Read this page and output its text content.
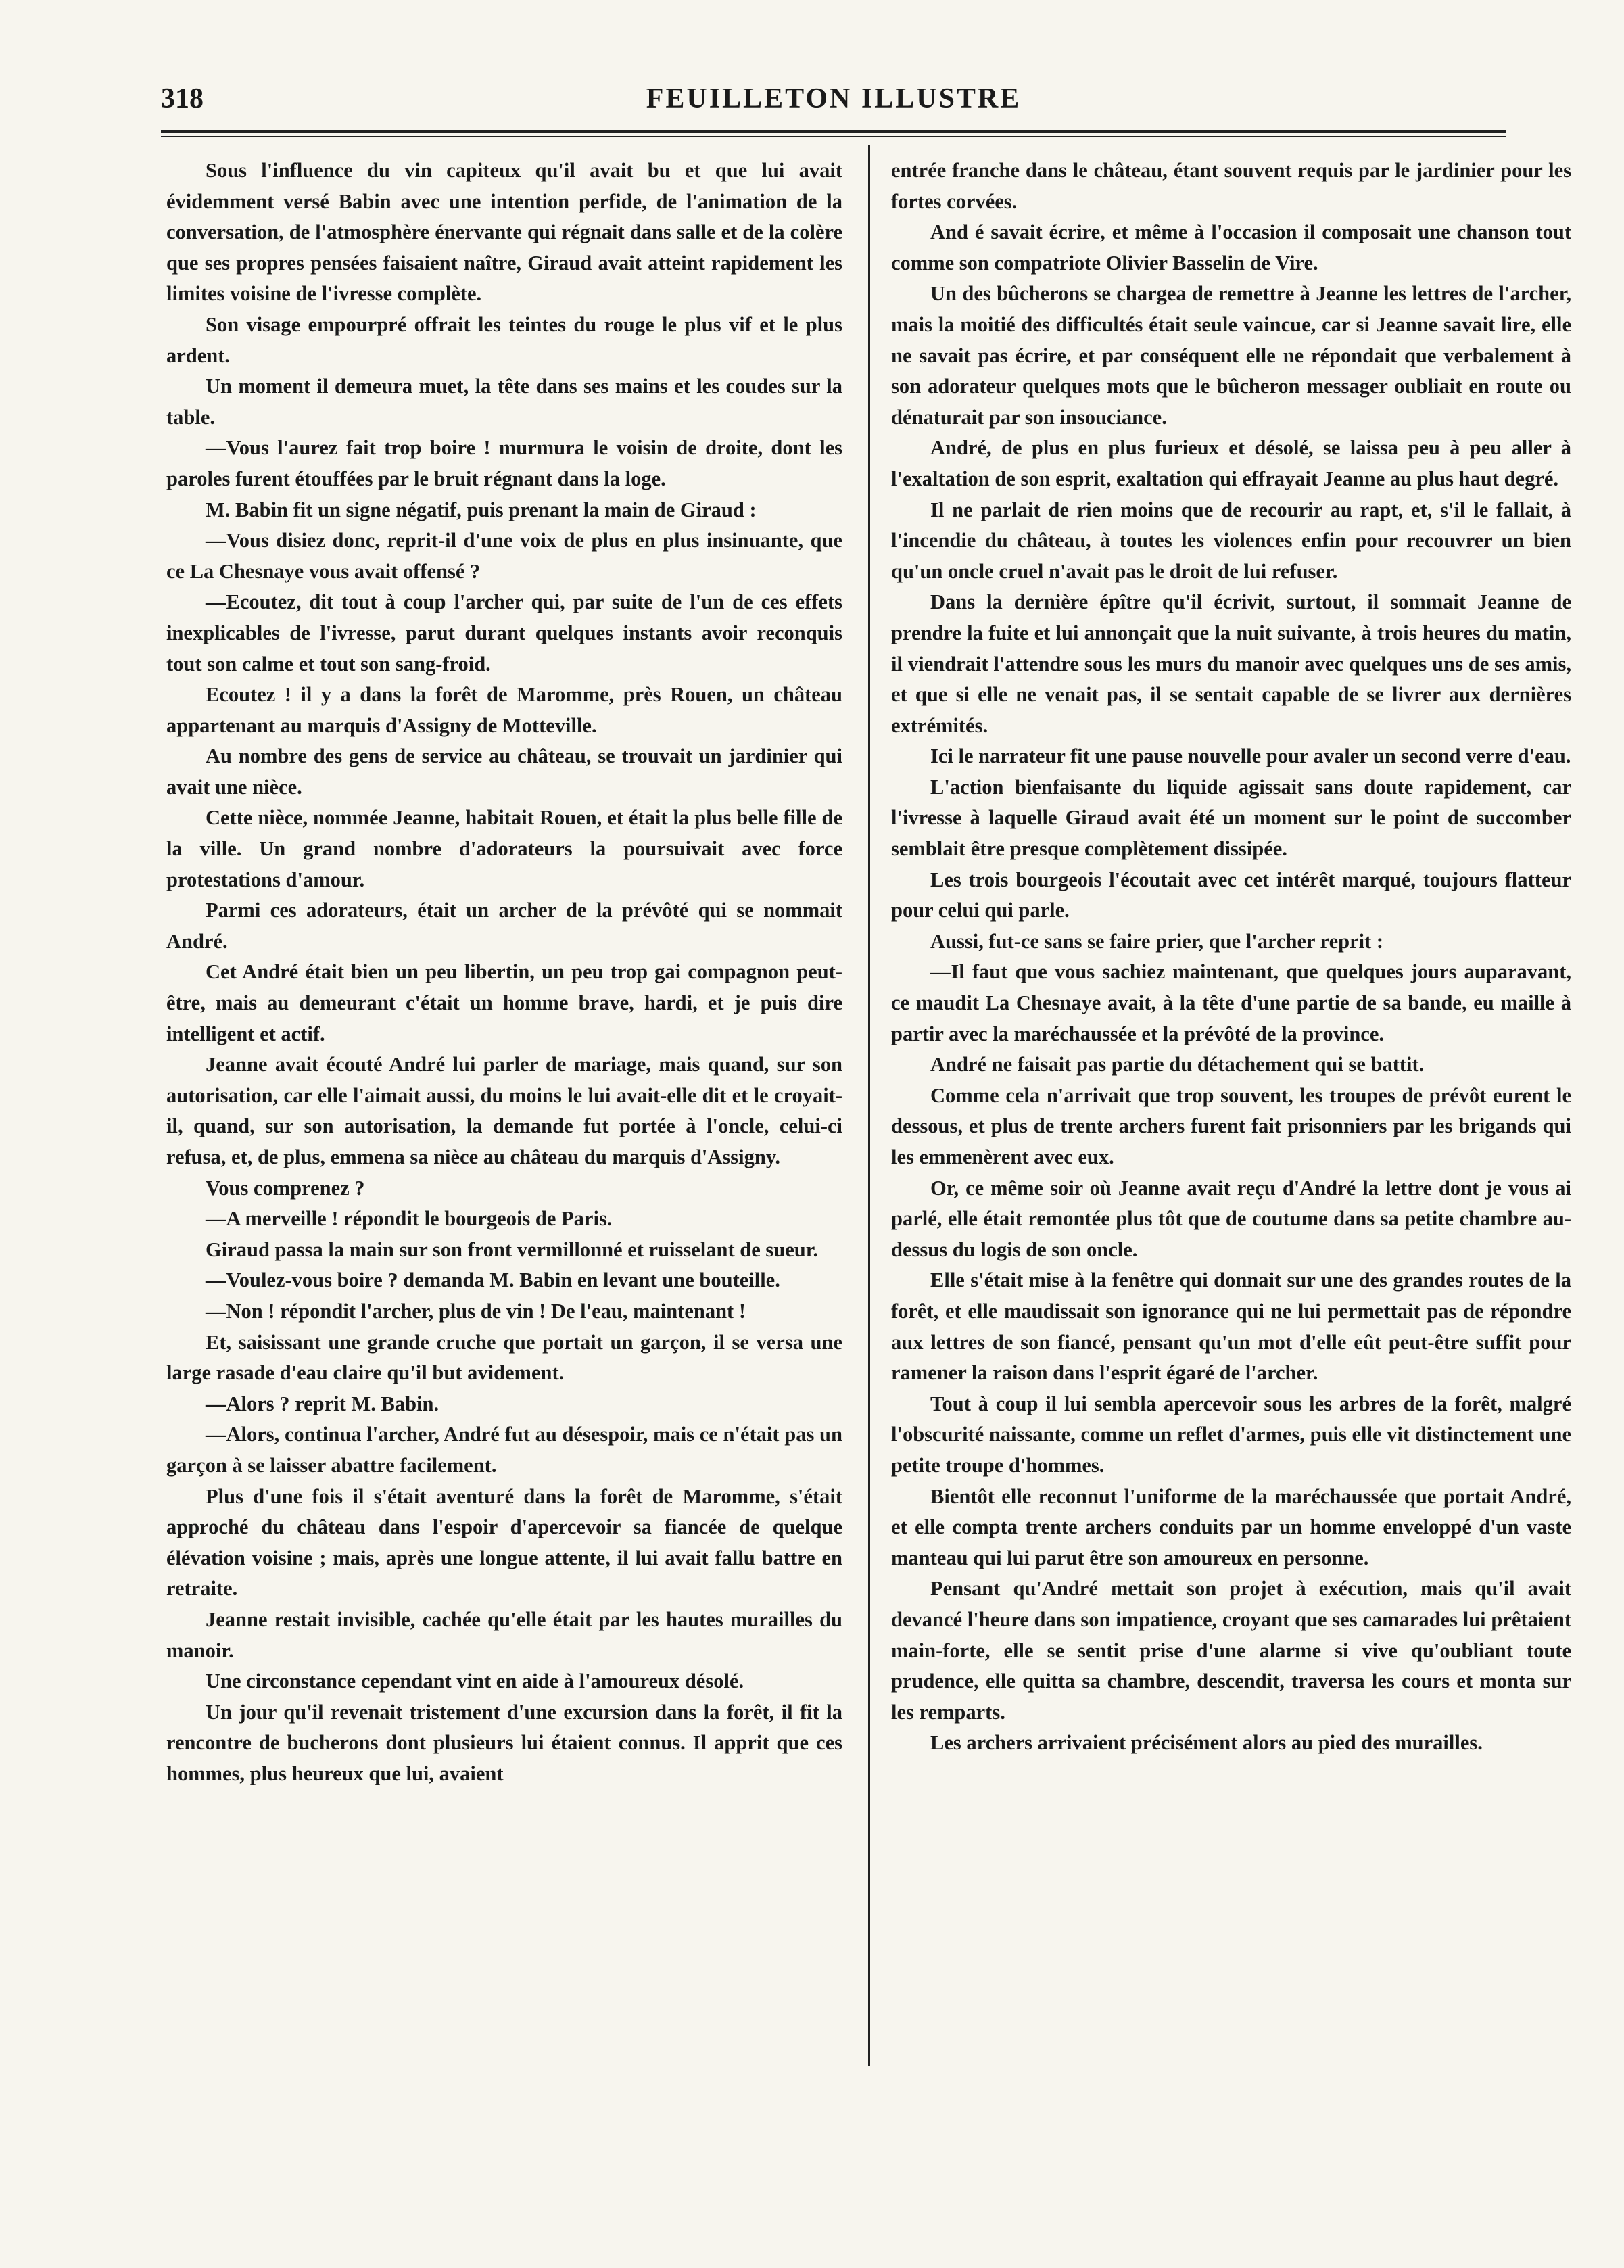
318	FEUILLETON ILLUSTRE

Sous l'influence du vin capiteux qu'il avait bu et que lui avait évidemment versé Babin avec une intention perfide, de l'animation de la conversation, de l'atmosphère énervante qui régnait dans salle et de la colère que ses propres pensées faisaient naître, Giraud avait atteint rapidement les limites voisine de l'ivresse complète.

Son visage empourpré offrait les teintes du rouge le plus vif et le plus ardent.

Un moment il demeura muet, la tête dans ses mains et les coudes sur la table.

—Vous l'aurez fait trop boire ! murmura le voisin de droite, dont les paroles furent étouffées par le bruit régnant dans la loge.

M. Babin fit un signe négatif, puis prenant la main de Giraud :

—Vous disiez donc, reprit-il d'une voix de plus en plus insinuante, que ce La Chesnaye vous avait offensé ?

—Ecoutez, dit tout à coup l'archer qui, par suite de l'un de ces effets inexplicables de l'ivresse, parut durant quelques instants avoir reconquis tout son calme et tout son sang-froid.

Ecoutez ! il y a dans la forêt de Maromme, près Rouen, un château appartenant au marquis d'Assigny de Motteville.

Au nombre des gens de service au château, se trouvait un jardinier qui avait une nièce.

Cette nièce, nommée Jeanne, habitait Rouen, et était la plus belle fille de la ville. Un grand nombre d'adorateurs la poursuivait avec force protestations d'amour.

Parmi ces adorateurs, était un archer de la prévôté qui se nommait André.

Cet André était bien un peu libertin, un peu trop gai compagnon peut-être, mais au demeurant c'était un homme brave, hardi, et je puis dire intelligent et actif.

Jeanne avait écouté André lui parler de mariage, mais quand, sur son autorisation, car elle l'aimait aussi, du moins le lui avait-elle dit et le croyait-il, quand, sur son autorisation, la demande fut portée à l'oncle, celui-ci refusa, et, de plus, emmena sa nièce au château du marquis d'Assigny.

Vous comprenez ?

—A merveille ! répondit le bourgeois de Paris.

Giraud passa la main sur son front vermillonné et ruisselant de sueur.

—Voulez-vous boire ? demanda M. Babin en levant une bouteille.

—Non ! répondit l'archer, plus de vin ! De l'eau, maintenant !

Et, saisissant une grande cruche que portait un garçon, il se versa une large rasade d'eau claire qu'il but avidement.

—Alors ? reprit M. Babin.

—Alors, continua l'archer, André fut au désespoir, mais ce n'était pas un garçon à se laisser abattre facilement.

Plus d'une fois il s'était aventuré dans la forêt de Maromme, s'était approché du château dans l'espoir d'apercevoir sa fiancée de quelque élévation voisine ; mais, après une longue attente, il lui avait fallu battre en retraite.

Jeanne restait invisible, cachée qu'elle était par les hautes murailles du manoir.

Une circonstance cependant vint en aide à l'amoureux désolé.

Un jour qu'il revenait tristement d'une excursion dans la forêt, il fit la rencontre de bucherons dont plusieurs lui étaient connus. Il apprit que ces hommes, plus heureux que lui, avaient

entrée franche dans le château, étant souvent requis par le jardinier pour les fortes corvées.

And é savait écrire, et même à l'occasion il composait une chanson tout comme son compatriote Olivier Basselin de Vire.

Un des bûcherons se chargea de remettre à Jeanne les lettres de l'archer, mais la moitié des difficultés était seule vaincue, car si Jeanne savait lire, elle ne savait pas écrire, et par conséquent elle ne répondait que verbalement à son adorateur quelques mots que le bûcheron messager oubliait en route ou dénaturait par son insouciance.

André, de plus en plus furieux et désolé, se laissa peu à peu aller à l'exaltation de son esprit, exaltation qui effrayait Jeanne au plus haut degré.

Il ne parlait de rien moins que de recourir au rapt, et, s'il le fallait, à l'incendie du château, à toutes les violences enfin pour recouvrer un bien qu'un oncle cruel n'avait pas le droit de lui refuser.

Dans la dernière épître qu'il écrivit, surtout, il sommait Jeanne de prendre la fuite et lui annonçait que la nuit suivante, à trois heures du matin, il viendrait l'attendre sous les murs du manoir avec quelques uns de ses amis, et que si elle ne venait pas, il se sentait capable de se livrer aux dernières extrémités.

Ici le narrateur fit une pause nouvelle pour avaler un second verre d'eau.

L'action bienfaisante du liquide agissait sans doute rapidement, car l'ivresse à laquelle Giraud avait été un moment sur le point de succomber semblait être presque complètement dissipée.

Les trois bourgeois l'écoutait avec cet intérêt marqué, toujours flatteur pour celui qui parle.

Aussi, fut-ce sans se faire prier, que l'archer reprit :

—Il faut que vous sachiez maintenant, que quelques jours auparavant, ce maudit La Chesnaye avait, à la tête d'une partie de sa bande, eu maille à partir avec la maréchaussée et la prévôté de la province.

André ne faisait pas partie du détachement qui se battit.

Comme cela n'arrivait que trop souvent, les troupes de prévôt eurent le dessous, et plus de trente archers furent fait prisonniers par les brigands qui les emmenèrent avec eux.

Or, ce même soir où Jeanne avait reçu d'André la lettre dont je vous ai parlé, elle était remontée plus tôt que de coutume dans sa petite chambre au-dessus du logis de son oncle.

Elle s'était mise à la fenêtre qui donnait sur une des grandes routes de la forêt, et elle maudissait son ignorance qui ne lui permettait pas de répondre aux lettres de son fiancé, pensant qu'un mot d'elle eût peut-être suffit pour ramener la raison dans l'esprit égaré de l'archer.

Tout à coup il lui sembla apercevoir sous les arbres de la forêt, malgré l'obscurité naissante, comme un reflet d'armes, puis elle vit distinctement une petite troupe d'hommes.

Bientôt elle reconnut l'uniforme de la maréchaussée que portait André, et elle compta trente archers conduits par un homme enveloppé d'un vaste manteau qui lui parut être son amoureux en personne.

Pensant qu'André mettait son projet à exécution, mais qu'il avait devancé l'heure dans son impatience, croyant que ses camarades lui prêtaient main-forte, elle se sentit prise d'une alarme si vive qu'oubliant toute prudence, elle quitta sa chambre, descendit, traversa les cours et monta sur les remparts.

Les archers arrivaient précisément alors au pied des murailles.
